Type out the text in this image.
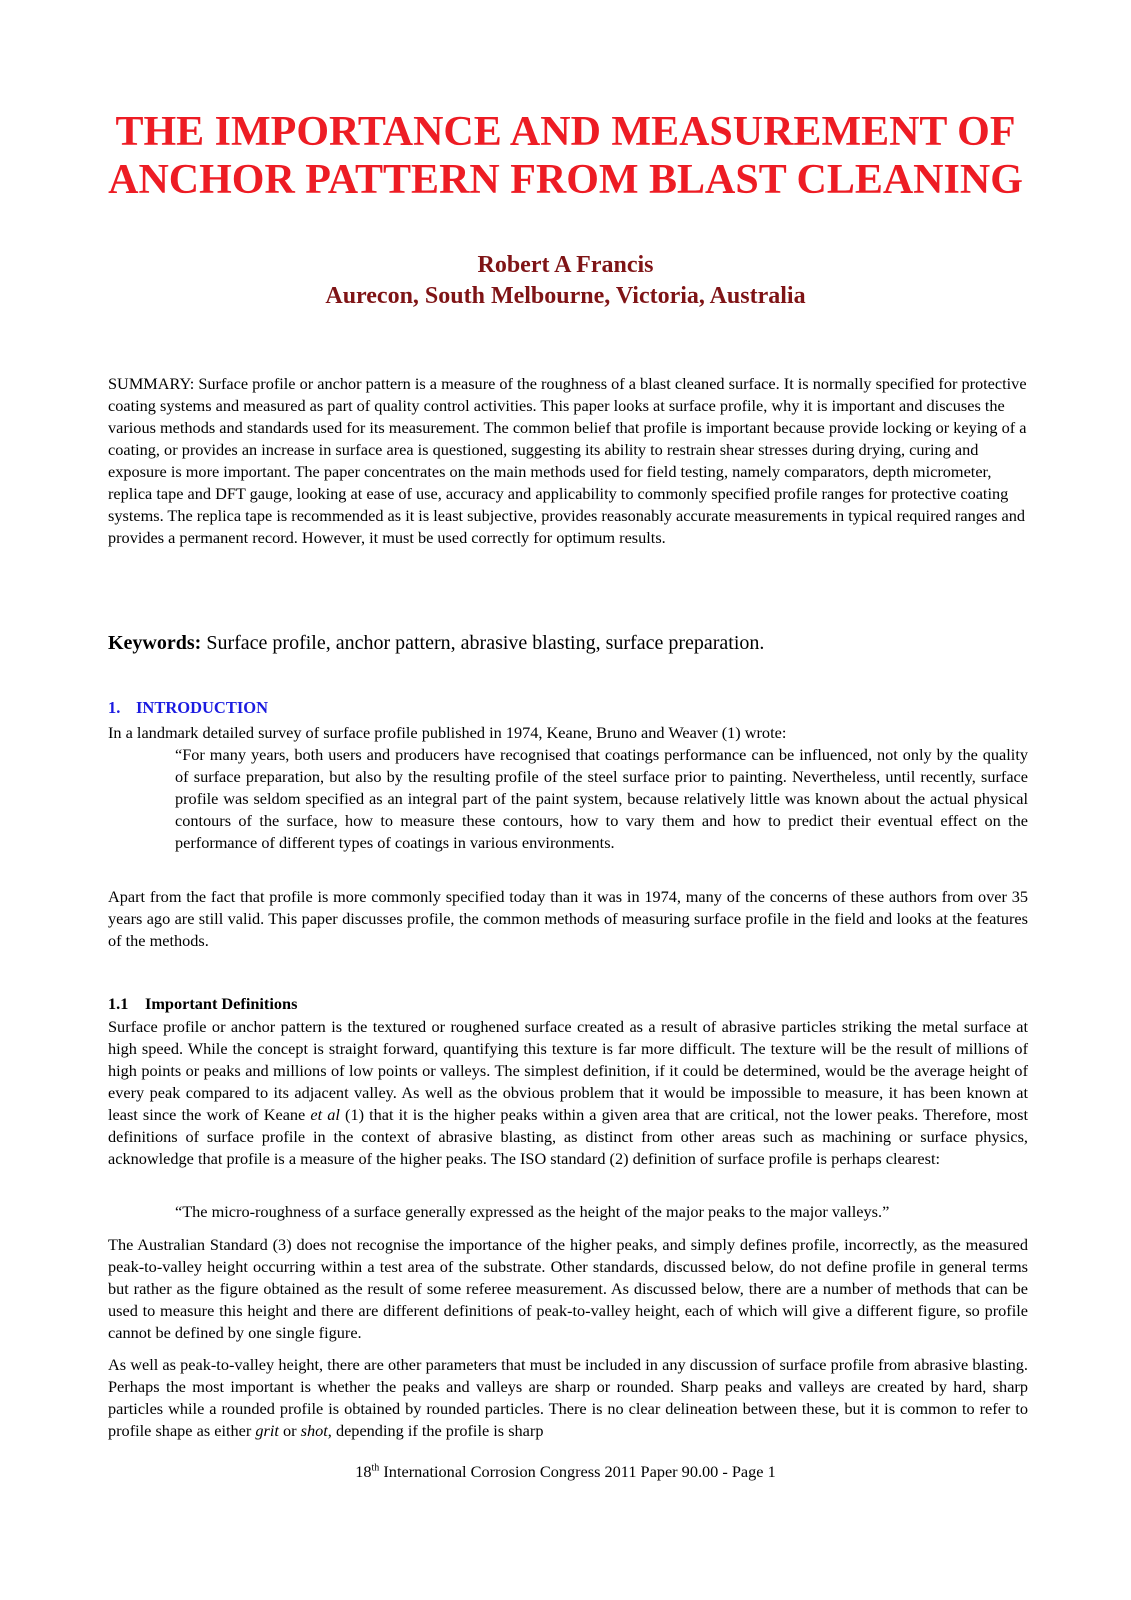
THE IMPORTANCE AND MEASUREMENT OF
ANCHOR PATTERN FROM BLAST CLEANING
Robert A Francis
Aurecon, South Melbourne, Victoria, Australia

SUMMARY: Surface profile or anchor pattern is a measure of the roughness of a blast cleaned surface. It is normally specified for protective coating systems and measured as part of quality control activities. This paper looks at surface profile, why it is important and discuses the various methods and standards used for its measurement. The common belief that profile is important because provide locking or keying of a coating, or provides an increase in surface area is questioned, suggesting its ability to restrain shear stresses during drying, curing and exposure is more important. The paper concentrates on the main methods used for field testing, namely comparators, depth micrometer, replica tape and DFT gauge, looking at ease of use, accuracy and applicability to commonly specified profile ranges for protective coating systems. The replica tape is recommended as it is least subjective, provides reasonably accurate measurements in typical required ranges and provides a permanent record. However, it must be used correctly for optimum results.

Keywords: Surface profile, anchor pattern, abrasive blasting, surface preparation.

1. INTRODUCTION

In a landmark detailed survey of surface profile published in 1974, Keane, Bruno and Weaver (1) wrote:

“For many years, both users and producers have recognised that coatings performance can be influenced, not only by the quality of surface preparation, but also by the resulting profile of the steel surface prior to painting. Nevertheless, until recently, surface profile was seldom specified as an integral part of the paint system, because relatively little was known about the actual physical contours of the surface, how to measure these contours, how to vary them and how to predict their eventual effect on the performance of different types of coatings in various environments.

Apart from the fact that profile is more commonly specified today than it was in 1974, many of the concerns of these authors from over 35 years ago are still valid. This paper discusses profile, the common methods of measuring surface profile in the field and looks at the features of the methods.

1.1 Important Definitions

Surface profile or anchor pattern is the textured or roughened surface created as a result of abrasive particles striking the metal surface at high speed. While the concept is straight forward, quantifying this texture is far more difficult. The texture will be the result of millions of high points or peaks and millions of low points or valleys. The simplest definition, if it could be determined, would be the average height of every peak compared to its adjacent valley. As well as the obvious problem that it would be impossible to measure, it has been known at least since the work of Keane et al (1) that it is the higher peaks within a given area that are critical, not the lower peaks. Therefore, most definitions of surface profile in the context of abrasive blasting, as distinct from other areas such as machining or surface physics, acknowledge that profile is a measure of the higher peaks. The ISO standard (2) definition of surface profile is perhaps clearest:

“The micro-roughness of a surface generally expressed as the height of the major peaks to the major valleys.”

The Australian Standard (3) does not recognise the importance of the higher peaks, and simply defines profile, incorrectly, as the measured peak-to-valley height occurring within a test area of the substrate. Other standards, discussed below, do not define profile in general terms but rather as the figure obtained as the result of some referee measurement. As discussed below, there are a number of methods that can be used to measure this height and there are different definitions of peak-to-valley height, each of which will give a different figure, so profile cannot be defined by one single figure.

As well as peak-to-valley height, there are other parameters that must be included in any discussion of surface profile from abrasive blasting. Perhaps the most important is whether the peaks and valleys are sharp or rounded. Sharp peaks and valleys are created by hard, sharp particles while a rounded profile is obtained by rounded particles. There is no clear delineation between these, but it is common to refer to profile shape as either grit or shot, depending if the profile is sharp

18th International Corrosion Congress 2011 Paper 90.00 - Page 1
